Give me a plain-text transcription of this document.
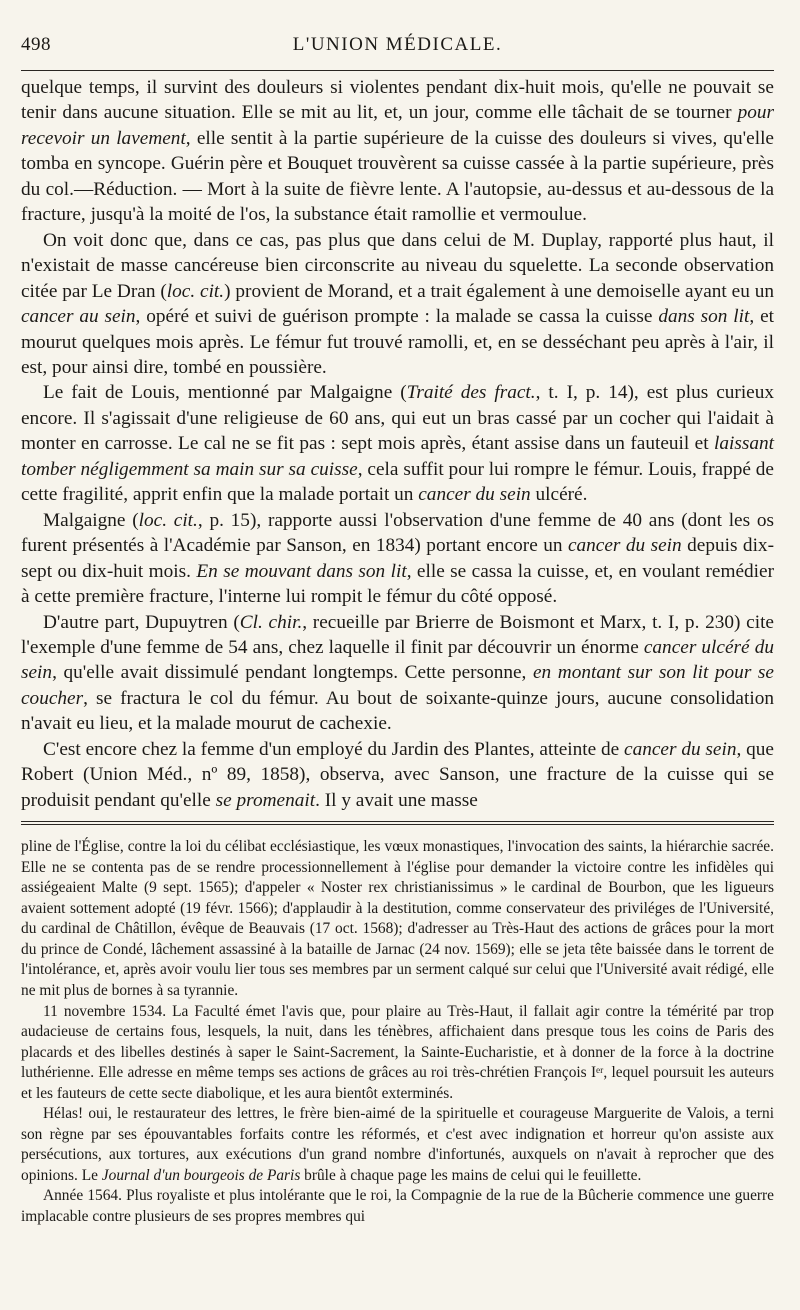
498	L'UNION MÉDICALE.

quelque temps, il survint des douleurs si violentes pendant dix-huit mois, qu'elle ne pouvait se tenir dans aucune situation. Elle se mit au lit, et, un jour, comme elle tâchait de se tourner pour recevoir un lavement, elle sentit à la partie supérieure de la cuisse des douleurs si vives, qu'elle tomba en syncope. Guérin père et Bouquet trouvèrent sa cuisse cassée à la partie supérieure, près du col.—Réduction. — Mort à la suite de fièvre lente. A l'autopsie, au-dessus et au-dessous de la fracture, jusqu'à la moité de l'os, la substance était ramollie et vermoulue.

On voit donc que, dans ce cas, pas plus que dans celui de M. Duplay, rapporté plus haut, il n'existait de masse cancéreuse bien circonscrite au niveau du squelette. La seconde observation citée par Le Dran (loc. cit.) provient de Morand, et a trait également à une demoiselle ayant eu un cancer au sein, opéré et suivi de guérison prompte : la malade se cassa la cuisse dans son lit, et mourut quelques mois après. Le fémur fut trouvé ramolli, et, en se desséchant peu après à l'air, il est, pour ainsi dire, tombé en poussière.

Le fait de Louis, mentionné par Malgaigne (Traité des fract., t. I, p. 14), est plus curieux encore. Il s'agissait d'une religieuse de 60 ans, qui eut un bras cassé par un cocher qui l'aidait à monter en carrosse. Le cal ne se fit pas : sept mois après, étant assise dans un fauteuil et laissant tomber négligemment sa main sur sa cuisse, cela suffit pour lui rompre le fémur. Louis, frappé de cette fragilité, apprit enfin que la malade portait un cancer du sein ulcéré.

Malgaigne (loc. cit., p. 15), rapporte aussi l'observation d'une femme de 40 ans (dont les os furent présentés à l'Académie par Sanson, en 1834) portant encore un cancer du sein depuis dix-sept ou dix-huit mois. En se mouvant dans son lit, elle se cassa la cuisse, et, en voulant remédier à cette première fracture, l'interne lui rompit le fémur du côté opposé.

D'autre part, Dupuytren (Cl. chir., recueille par Brierre de Boismont et Marx, t. I, p. 230) cite l'exemple d'une femme de 54 ans, chez laquelle il finit par découvrir un énorme cancer ulcéré du sein, qu'elle avait dissimulé pendant longtemps. Cette personne, en montant sur son lit pour se coucher, se fractura le col du fémur. Au bout de soixante-quinze jours, aucune consolidation n'avait eu lieu, et la malade mourut de cachexie.

C'est encore chez la femme d'un employé du Jardin des Plantes, atteinte de cancer du sein, que Robert (Union Méd., nº 89, 1858), observa, avec Sanson, une fracture de la cuisse qui se produisit pendant qu'elle se promenait. Il y avait une masse

pline de l'Église, contre la loi du célibat ecclésiastique, les vœux monastiques, l'invocation des saints, la hiérarchie sacrée. Elle ne se contenta pas de se rendre processionnellement à l'église pour demander la victoire contre les infidèles qui assiégeaient Malte (9 sept. 1565); d'appeler « Noster rex christianissimus » le cardinal de Bourbon, que les ligueurs avaient sottement adopté (19 févr. 1566); d'applaudir à la destitution, comme conservateur des priviléges de l'Université, du cardinal de Châtillon, évêque de Beauvais (17 oct. 1568); d'adresser au Très-Haut des actions de grâces pour la mort du prince de Condé, lâchement assassiné à la bataille de Jarnac (24 nov. 1569); elle se jeta tête baissée dans le torrent de l'intolérance, et, après avoir voulu lier tous ses membres par un serment calqué sur celui que l'Université avait rédigé, elle ne mit plus de bornes à sa tyrannie.

11 novembre 1534. La Faculté émet l'avis que, pour plaire au Très-Haut, il fallait agir contre la témérité par trop audacieuse de certains fous, lesquels, la nuit, dans les ténèbres, affichaient dans presque tous les coins de Paris des placards et des libelles destinés à saper le Saint-Sacrement, la Sainte-Eucharistie, et à donner de la force à la doctrine luthérienne. Elle adresse en même temps ses actions de grâces au roi très-chrétien François Iᵉʳ, lequel poursuit les auteurs et les fauteurs de cette secte diabolique, et les aura bientôt exterminés.

Hélas! oui, le restaurateur des lettres, le frère bien-aimé de la spirituelle et courageuse Marguerite de Valois, a terni son règne par ses épouvantables forfaits contre les réformés, et c'est avec indignation et horreur qu'on assiste aux persécutions, aux tortures, aux exécutions d'un grand nombre d'infortunés, auxquels on n'avait à reprocher que des opinions. Le Journal d'un bourgeois de Paris brûle à chaque page les mains de celui qui le feuillette.

Année 1564. Plus royaliste et plus intolérante que le roi, la Compagnie de la rue de la Bûcherie commence une guerre implacable contre plusieurs de ses propres membres qui
